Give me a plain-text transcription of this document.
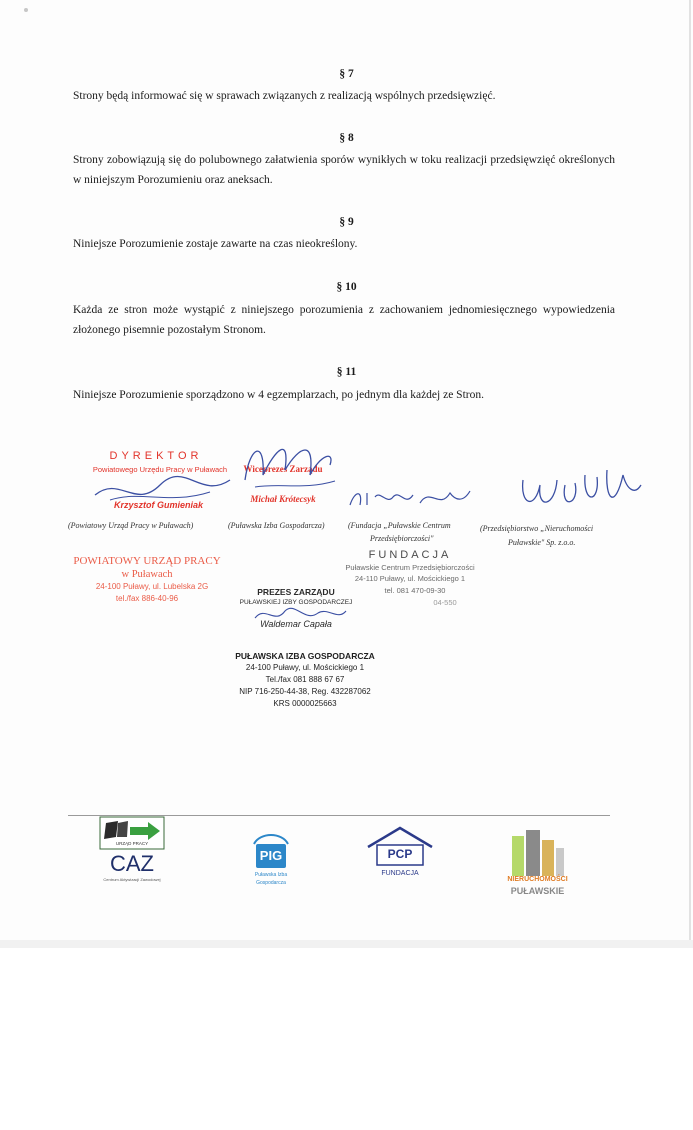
§ 7
Strony będą informować się w sprawach związanych z realizacją wspólnych przedsięwzięć.
§ 8
Strony zobowiązują się do polubownego załatwienia sporów wynikłych w toku realizacji przedsięwzięć określonych w niniejszym Porozumieniu oraz aneksach.
§ 9
Niniejsze Porozumienie zostaje zawarte na czas nieokreślony.
§ 10
Każda ze stron może wystąpić z niniejszego porozumienia z zachowaniem jednomiesięcznego wypowiedzenia złożonego pisemnie pozostałym Stronom.
§ 11
Niniejsze Porozumienie sporządzono w 4 egzemplarzach, po jednym dla każdej ze Stron.
DYREKTOR
Powiatowego Urzędu Pracy w Puławach
Krzysztof Gumieniak
Wiceprezes Zarządu
Michał Krótecsyk
(Powiatowy Urząd Pracy w Puławach)	(Puławska Izba Gospodarcza)	(Fundacja „Puławskie Centrum
Przedsiębiorczości"
(Przedsiębiorstwo „Nieruchomości
Puławskie" Sp. z.o.o.
POWIATOWY URZĄD PRACY
w Puławach
24-100 Puławy, ul. Lubelska 2G
tel./fax 886-40-96
FUNDACJA
Puławskie Centrum Przedsiębiorczości
24-110 Puławy, ul. Mościckiego 1
tel. 081 470-09-30
04-550
PREZES ZARZĄDU
PUŁAWSKIEJ IZBY GOSPODARCZEJ
Waldemar Capała
PUŁAWSKA IZBA GOSPODARCZA
24-100 Puławy, ul. Mościckiego 1
Tel./fax 081 888 67 67
NIP 716-250-44-38, Reg. 432287062
KRS 0000025663
URZĄD PRACY
CAZ
Centrum Aktywizacji Zawodowej
PIG
Puławska Izba
Gospodarcza
PCP
FUNDACJA
NIERUCHOMOŚCI
PUŁAWSKIE
